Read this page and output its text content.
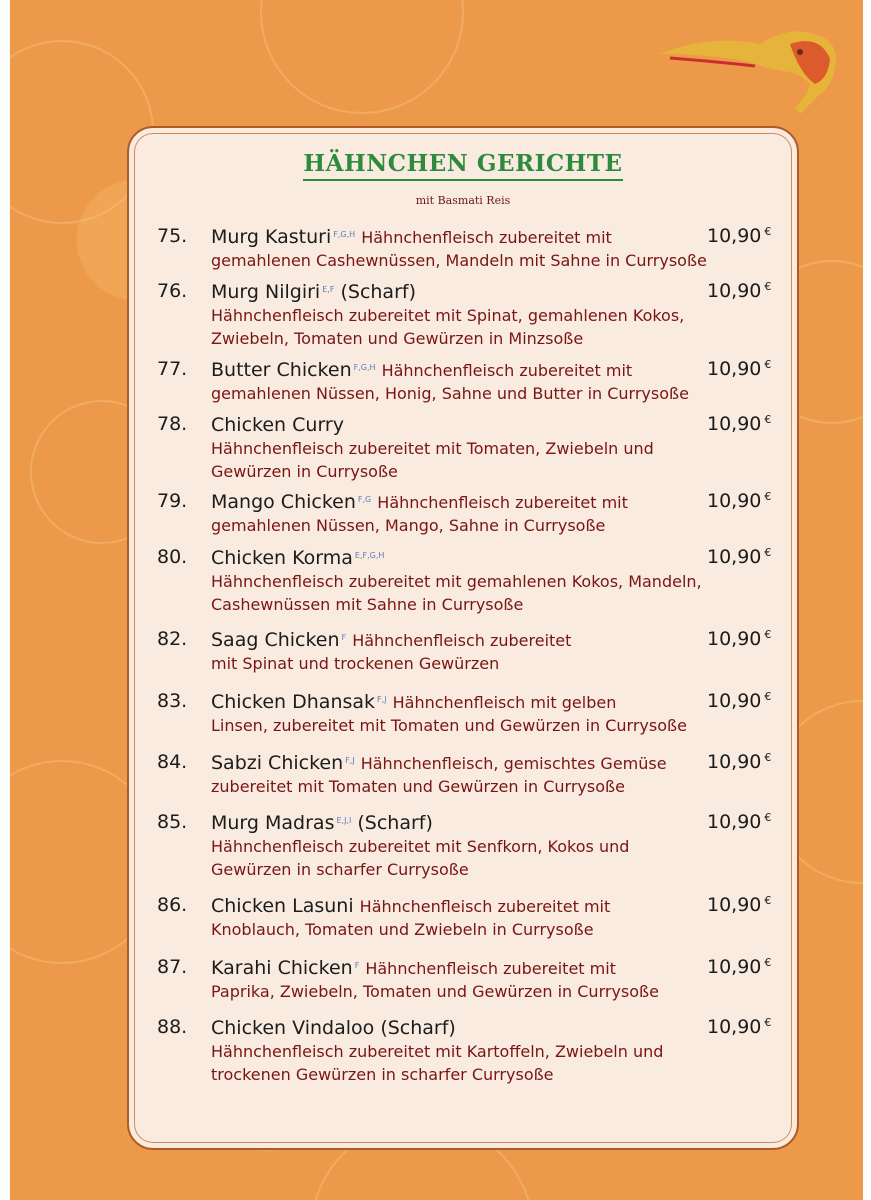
HÄHNCHEN GERICHTE
mit Basmati Reis
75. Murg Kasturi $^{F,G,H}$ Hähnchenfleisch zubereitet mit
gemahlenen Cashewnüssen, Mandeln mit Sahne in Currysoße
10,90 €
76. Murg Nilgiri $^{E,F}$ (Scharf)
Hähnchenfleisch zubereitet mit Spinat, gemahlenen Kokos,
Zwiebeln, Tomaten und Gewürzen in Minzsoße
10,90 €
77. Butter Chicken $^{F,G,H}$ Hähnchenfleisch zubereitet mit
gemahlenen Nüssen, Honig, Sahne und Butter in Currysoße
10,90 €
78. Chicken Curry
Hähnchenfleisch zubereitet mit Tomaten, Zwiebeln und
Gewürzen in Currysoße
10,90 €
79. Mango Chicken $^{F,G}$ Hähnchenfleisch zubereitet mit
gemahlenen Nüssen, Mango, Sahne in Currysoße
10,90 €
80. Chicken Korma $^{E,F,G,H}$
Hähnchenfleisch zubereitet mit gemahlenen Kokos, Mandeln,
Cashewnüssen mit Sahne in Currysoße
10,90 €
82. Saag Chicken $^F$ Hähnchenfleisch zubereitet
mit Spinat und trockenen Gewürzen
10,90 €
83. Chicken Dhansak $^{F,J}$ Hähnchenfleisch mit gelben
Linsen, zubereitet mit Tomaten und Gewürzen in Currysoße
10,90 €
84. Sabzi Chicken $^{F,J}$ Hähnchenfleisch, gemischtes Gemüse
zubereitet mit Tomaten und Gewürzen in Currysoße
10,90 €
85. Murg Madras $^{E,J,I}$ (Scharf)
Hähnchenfleisch zubereitet mit Senfkorn, Kokos und
Gewürzen in scharfer Currysoße
10,90 €
86. Chicken Lasuni Hähnchenfleisch zubereitet mit
Knoblauch, Tomaten und Zwiebeln in Currysoße
10,90 €
87. Karahi Chicken $^F$ Hähnchenfleisch zubereitet mit
Paprika, Zwiebeln, Tomaten und Gewürzen in Currysoße
10,90 €
88. Chicken Vindaloo (Scharf)
Hähnchenfleisch zubereitet mit Kartoffeln, Zwiebeln und
trockenen Gewürzen in scharfer Currysoße
10,90 €
